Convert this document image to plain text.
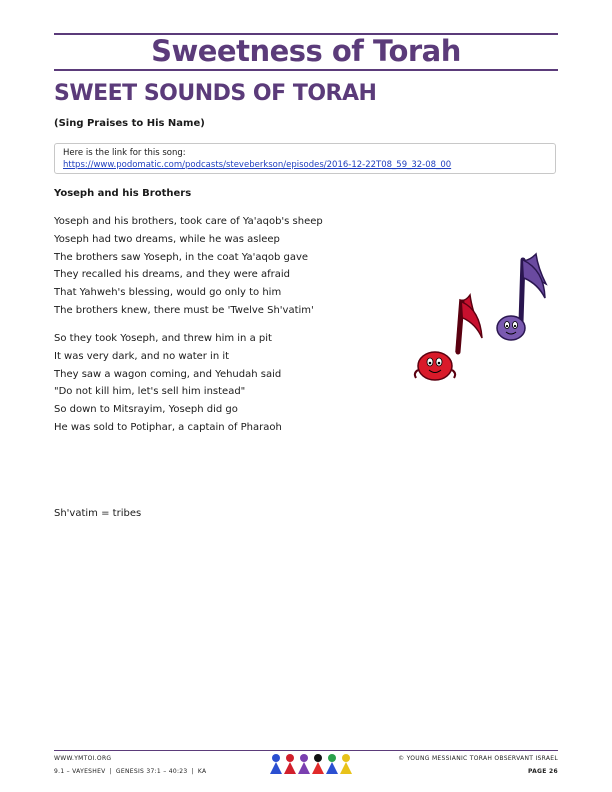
Sweetness of Torah
SWEET SOUNDS OF TORAH
(Sing Praises to His Name)
Here is the link for this song:
https://www.podomatic.com/podcasts/steveberkson/episodes/2016-12-22T08_59_32-08_00
Yoseph and his Brothers
Yoseph and his brothers, took care of Ya'aqob's sheep
Yoseph had two dreams, while he was asleep
The brothers saw Yoseph, in the coat Ya'aqob gave
They recalled his dreams, and they were afraid
That Yahweh's blessing, would go only to him
The brothers knew, there must be 'Twelve Sh'vatim'
So they took Yoseph, and threw him in a pit
It was very dark, and no water in it
They saw a wagon coming, and Yehudah said
"Do not kill him, let's sell him instead"
So down to Mitsrayim, Yoseph did go
He was sold to Potiphar, a captain of Pharaoh
Sh'vatim = tribes
WWW.YMTOI.ORG
9.1 – VAYESHEV | GENESIS 37:1 – 40:23 | KA
© YOUNG MESSIANIC TORAH OBSERVANT ISRAEL
PAGE 26
